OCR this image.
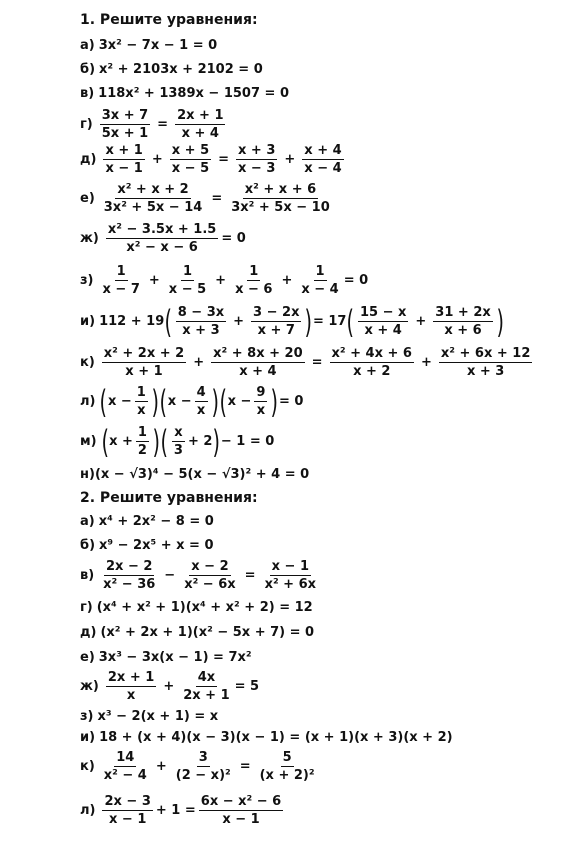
1. Решите уравнения:
а) 3x² − 7x − 1 = 0
б) x² + 2103x + 2102 = 0
в) 118x² + 1389x − 1507 = 0
$г) \frac{3x + 7}{5x + 1} = \frac{2x + 1}{x + 4}$
$д) \frac{x + 1}{x - 1} + \frac{x + 5}{x - 5} = \frac{x + 3}{x - 3} + \frac{x + 4}{x - 4}$
$е) \frac{\text{x² + x + 2}}{\text{3x² + 5x − 14}} = \frac{\text{x² + x + 6}}{\text{3x² + 5x − 10}}$
$ж) \frac{\text{x² − 3.5x + 1.5}}{\text{x² − x − 6}} = 0$
$з) \frac{1}{x - 7} + \frac{1}{x - 5} + \frac{1}{x - 6} + \frac{1}{x - 4} = 0$
и) 112 + 19 ( $\frac{8 - 3x}{x + 3} + \frac{3 - 2x}{x + 7}$ ) = 17 ( $\frac{15 - x}{x + 4} + \frac{31 + 2x}{x + 6}$ )
$к) \frac{\text{x² + 2x + 2}}{x + 1} + \frac{\text{x² + 8x + 20}}{x + 4} = \frac{\text{x² + 4x + 6}}{x + 2} + \frac{\text{x² + 6x + 12}}{x + 3}$
л) ( $x - \frac{1}{x}$ ) ( $x - \frac{4}{x}$ ) ( $x - \frac{9}{x}$ ) = 0
м) ( $x + \frac{1}{2}$ ) ( $\frac{x}{3} + 2$ ) − 1 = 0
н) (x − √3)⁴ − 5(x − √3)² + 4 = 0
2. Решите уравнения:
а) x⁴ + 2x² − 8 = 0
б) x⁹ − 2x⁵ + x = 0
$в) \frac{2x - 2}{\text{x² − 36}} - \frac{x - 2}{\text{x² − 6x}} = \frac{x - 1}{\text{x² + 6x}}$
г) (x⁴ + x² + 1)(x⁴ + x² + 2) = 12
д) (x² + 2x + 1)(x² − 5x + 7) = 0
е) 3x³ − 3x(x − 1) = 7x²
$ж) \frac{2x + 1}{x} + \frac{4x}{2x + 1} = 5$
з) x³ − 2(x + 1) = x
и) 18 + (x + 4)(x − 3)(x − 1) = (x + 1)(x + 3)(x + 2)
$к) \frac{14}{\text{x² − 4}} + \frac{3}{\text{(2 − x)²}} = \frac{5}{\text{(x + 2)²}}$
$л) \frac{2x - 3}{x - 1} + 1 = \frac{\text{6x − x² − 6}}{x - 1}$
